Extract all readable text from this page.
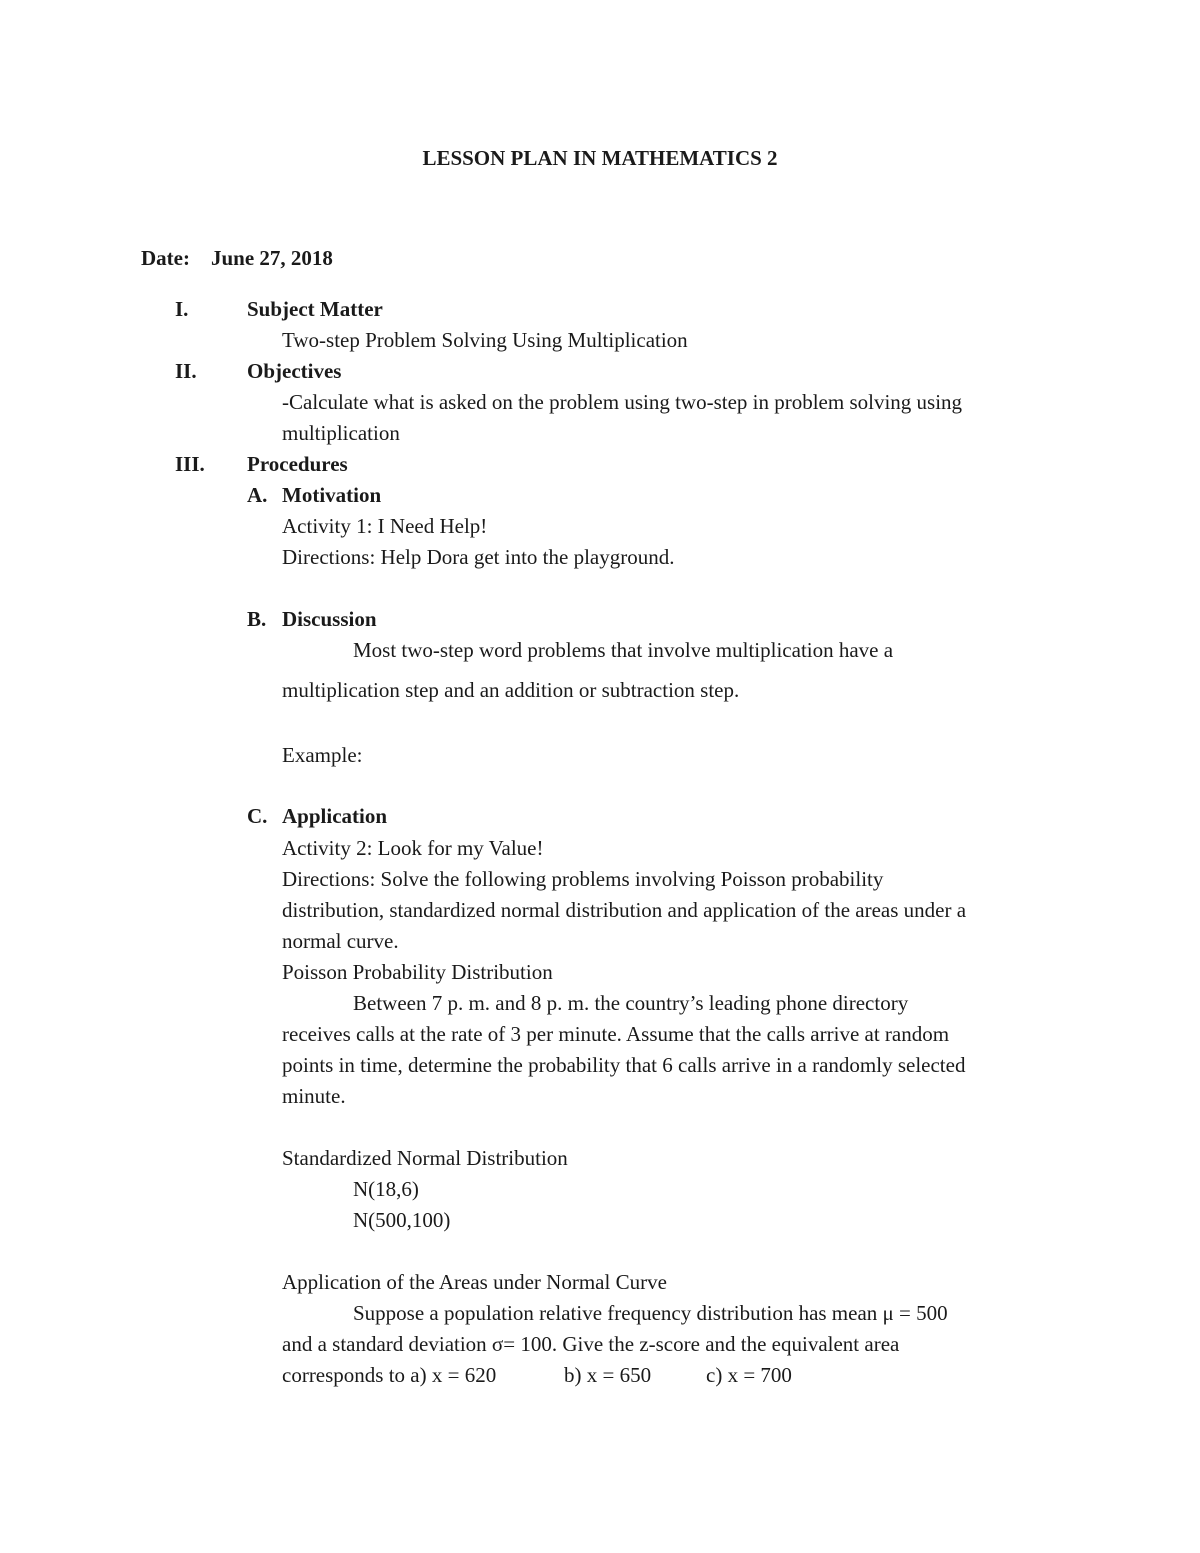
LESSON PLAN IN MATHEMATICS 2
Date: June 27, 2018
I.	Subject Matter
Two-step Problem Solving Using Multiplication
II. Objectives
-Calculate what is asked on the problem using two-step in problem solving using
multiplication
III. Procedures
A. Motivation
Activity 1: I Need Help!
Directions: Help Dora get into the playground.
B. Discussion
Most two-step word problems that involve multiplication have a
multiplication step and an addition or subtraction step.
Example:
C. Application
Activity 2: Look for my Value!
Directions: Solve the following problems involving Poisson probability
distribution, standardized normal distribution and application of the areas under a
normal curve.
Poisson Probability Distribution
Between 7 p. m. and 8 p. m. the country’s leading phone directory
receives calls at the rate of 3 per minute. Assume that the calls arrive at random
points in time, determine the probability that 6 calls arrive in a randomly selected
minute.
Standardized Normal Distribution
N(18,6)
N(500,100)
Application of the Areas under Normal Curve
Suppose a population relative frequency distribution has mean μ = 500
and a standard deviation σ= 100. Give the z-score and the equivalent area
corresponds to a) x = 620	b) x = 650	c) x = 700
